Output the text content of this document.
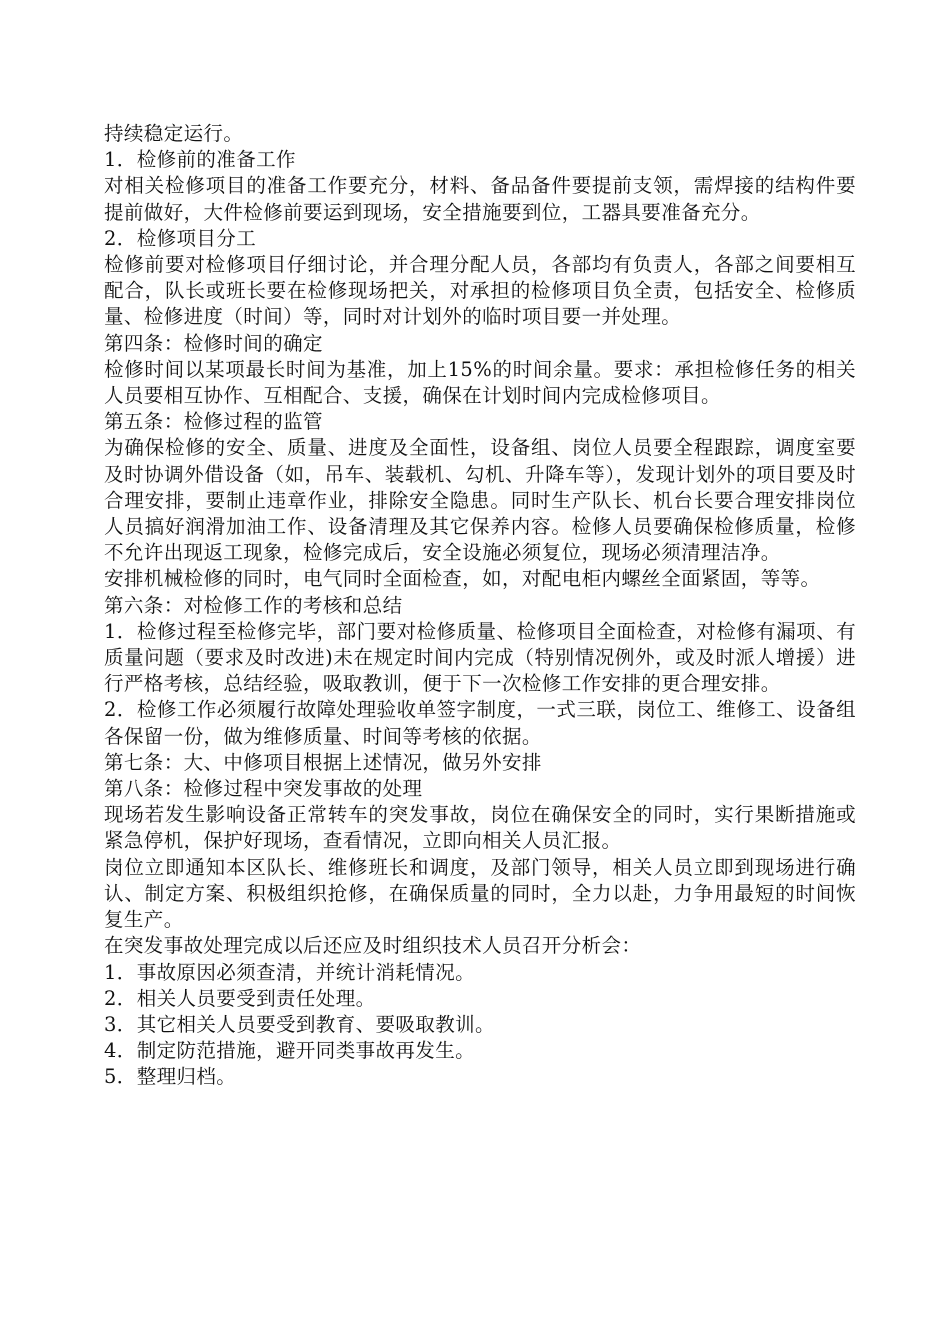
持续稳定运行。

1．检修前的准备工作

对相关检修项目的准备工作要充分，材料、备品备件要提前支领，需焊接的结构件要提前做好，大件检修前要运到现场，安全措施要到位，工器具要准备充分。

2．检修项目分工

检修前要对检修项目仔细讨论，并合理分配人员，各部均有负责人，各部之间要相互配合，队长或班长要在检修现场把关，对承担的检修项目负全责，包括安全、检修质量、检修进度（时间）等，同时对计划外的临时项目要一并处理。

第四条：检修时间的确定

检修时间以某项最长时间为基准，加上15%的时间余量。要求：承担检修任务的相关人员要相互协作、互相配合、支援，确保在计划时间内完成检修项目。

第五条：检修过程的监管

为确保检修的安全、质量、进度及全面性，设备组、岗位人员要全程跟踪，调度室要及时协调外借设备（如，吊车、装载机、勾机、升降车等），发现计划外的项目要及时合理安排，要制止违章作业，排除安全隐患。同时生产队长、机台长要合理安排岗位人员搞好润滑加油工作、设备清理及其它保养内容。检修人员要确保检修质量，检修不允许出现返工现象，检修完成后，安全设施必须复位，现场必须清理洁净。

安排机械检修的同时，电气同时全面检查，如，对配电柜内螺丝全面紧固，等等。

第六条：对检修工作的考核和总结

1．检修过程至检修完毕，部门要对检修质量、检修项目全面检查，对检修有漏项、有质量问题（要求及时改进)未在规定时间内完成（特别情况例外，或及时派人增援）进行严格考核，总结经验，吸取教训，便于下一次检修工作安排的更合理安排。

2．检修工作必须履行故障处理验收单签字制度，一式三联，岗位工、维修工、设备组各保留一份，做为维修质量、时间等考核的依据。

第七条：大、中修项目根据上述情况，做另外安排

第八条：检修过程中突发事故的处理

现场若发生影响设备正常转车的突发事故，岗位在确保安全的同时，实行果断措施或紧急停机，保护好现场，查看情况，立即向相关人员汇报。

岗位立即通知本区队长、维修班长和调度，及部门领导，相关人员立即到现场进行确认、制定方案、积极组织抢修，在确保质量的同时，全力以赴，力争用最短的时间恢复生产。

在突发事故处理完成以后还应及时组织技术人员召开分析会：

1．事故原因必须查清，并统计消耗情况。

2．相关人员要受到责任处理。

3．其它相关人员要受到教育、要吸取教训。

4．制定防范措施，避开同类事故再发生。

5．整理归档。
